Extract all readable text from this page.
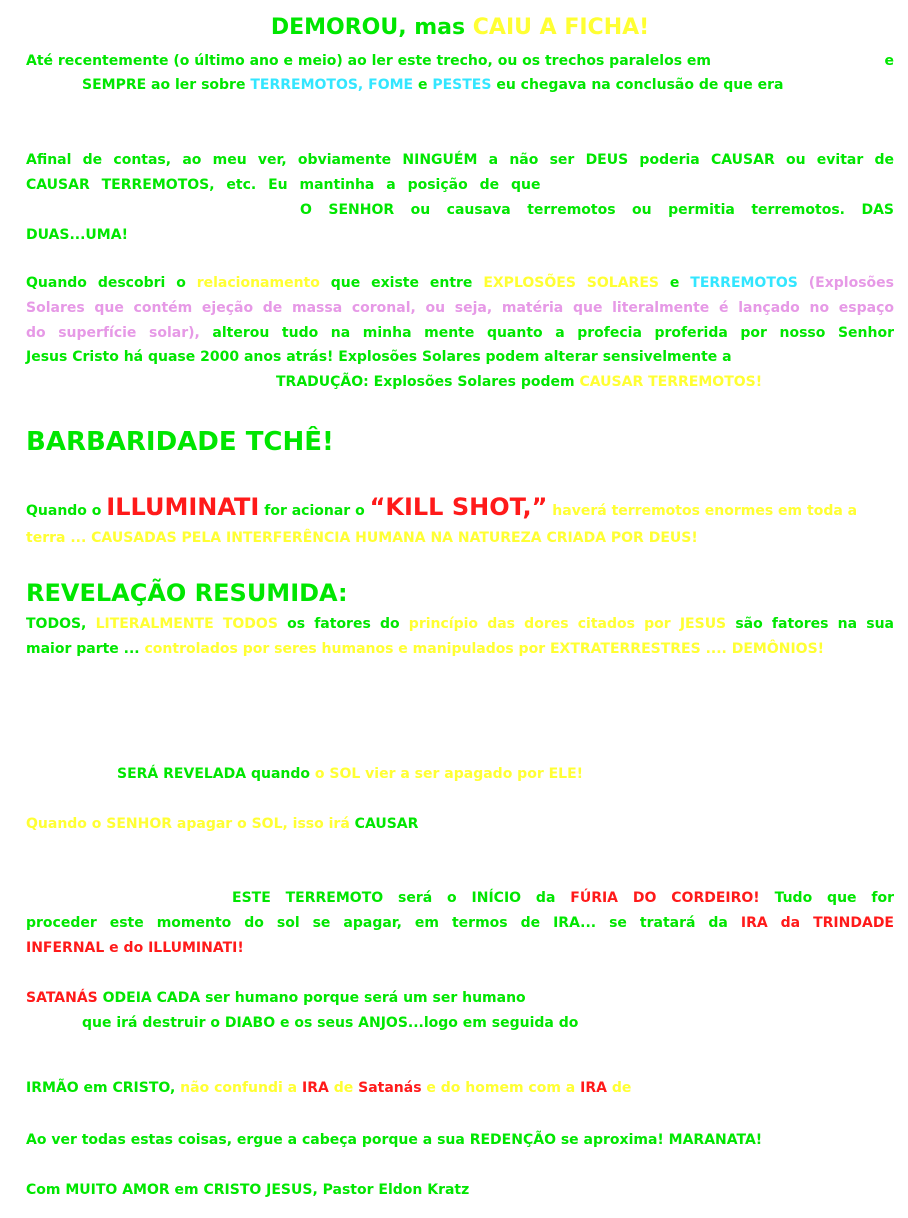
DEMOROU, mas CAIU A FICHA!

Até recentemente (o último ano e meio) ao ler este trecho, ou os trechos paralelos em	e

SEMPRE ao ler sobre TERREMOTOS, FOME e PESTES eu chegava na conclusão de que era

Afinal de contas, ao meu ver, obviamente NINGUÉM a não ser DEUS poderia CAUSAR ou evitar de

CAUSAR TERREMOTOS, etc. Eu mantinha a posição de que

O SENHOR ou causava terremotos ou permitia terremotos. DAS

DUAS...UMA!

Quando descobri o relacionamento que existe entre EXPLOSÕES SOLARES e TERREMOTOS (Explosões

Solares que contém ejeção de massa coronal, ou seja, matéria que literalmente é lançado no espaço

do superfície solar), alterou tudo na minha mente quanto a profecia proferida por nosso Senhor

Jesus Cristo há quase 2000 anos atrás! Explosões Solares podem alterar sensivelmente a

TRADUÇÃO: Explosões Solares podem CAUSAR TERREMOTOS!

BARBARIDADE TCHÊ!

Quando o ILLUMINATI for acionar o “KILL SHOT,” haverá terremotos enormes em toda a

terra ... CAUSADAS PELA INTERFERÊNCIA HUMANA NA NATUREZA CRIADA POR DEUS!

REVELAÇÃO RESUMIDA:

TODOS, LITERALMENTE TODOS os fatores do princípio das dores citados por JESUS são fatores na sua

maior parte ... controlados por seres humanos e manipulados por EXTRATERRESTRES .... DEMÔNIOS!

SERÁ REVELADA quando o SOL vier a ser apagado por ELE!

Quando o SENHOR apagar o SOL, isso irá CAUSAR

ESTE TERREMOTO será o INÍCIO da FÚRIA DO CORDEIRO! Tudo que for

proceder este momento do sol se apagar, em termos de IRA... se tratará da IRA da TRINDADE

INFERNAL e do ILLUMINATI!

SATANÁS ODEIA CADA ser humano porque será um ser humano

que irá destruir o DIABO e os seus ANJOS...logo em seguida do

IRMÃO em CRISTO, não confundi a IRA de Satanás e do homem com a IRA de

Ao ver todas estas coisas, ergue a cabeça porque a sua REDENÇÃO se aproxima! MARANATA!

Com MUITO AMOR em CRISTO JESUS, Pastor Eldon Kratz
